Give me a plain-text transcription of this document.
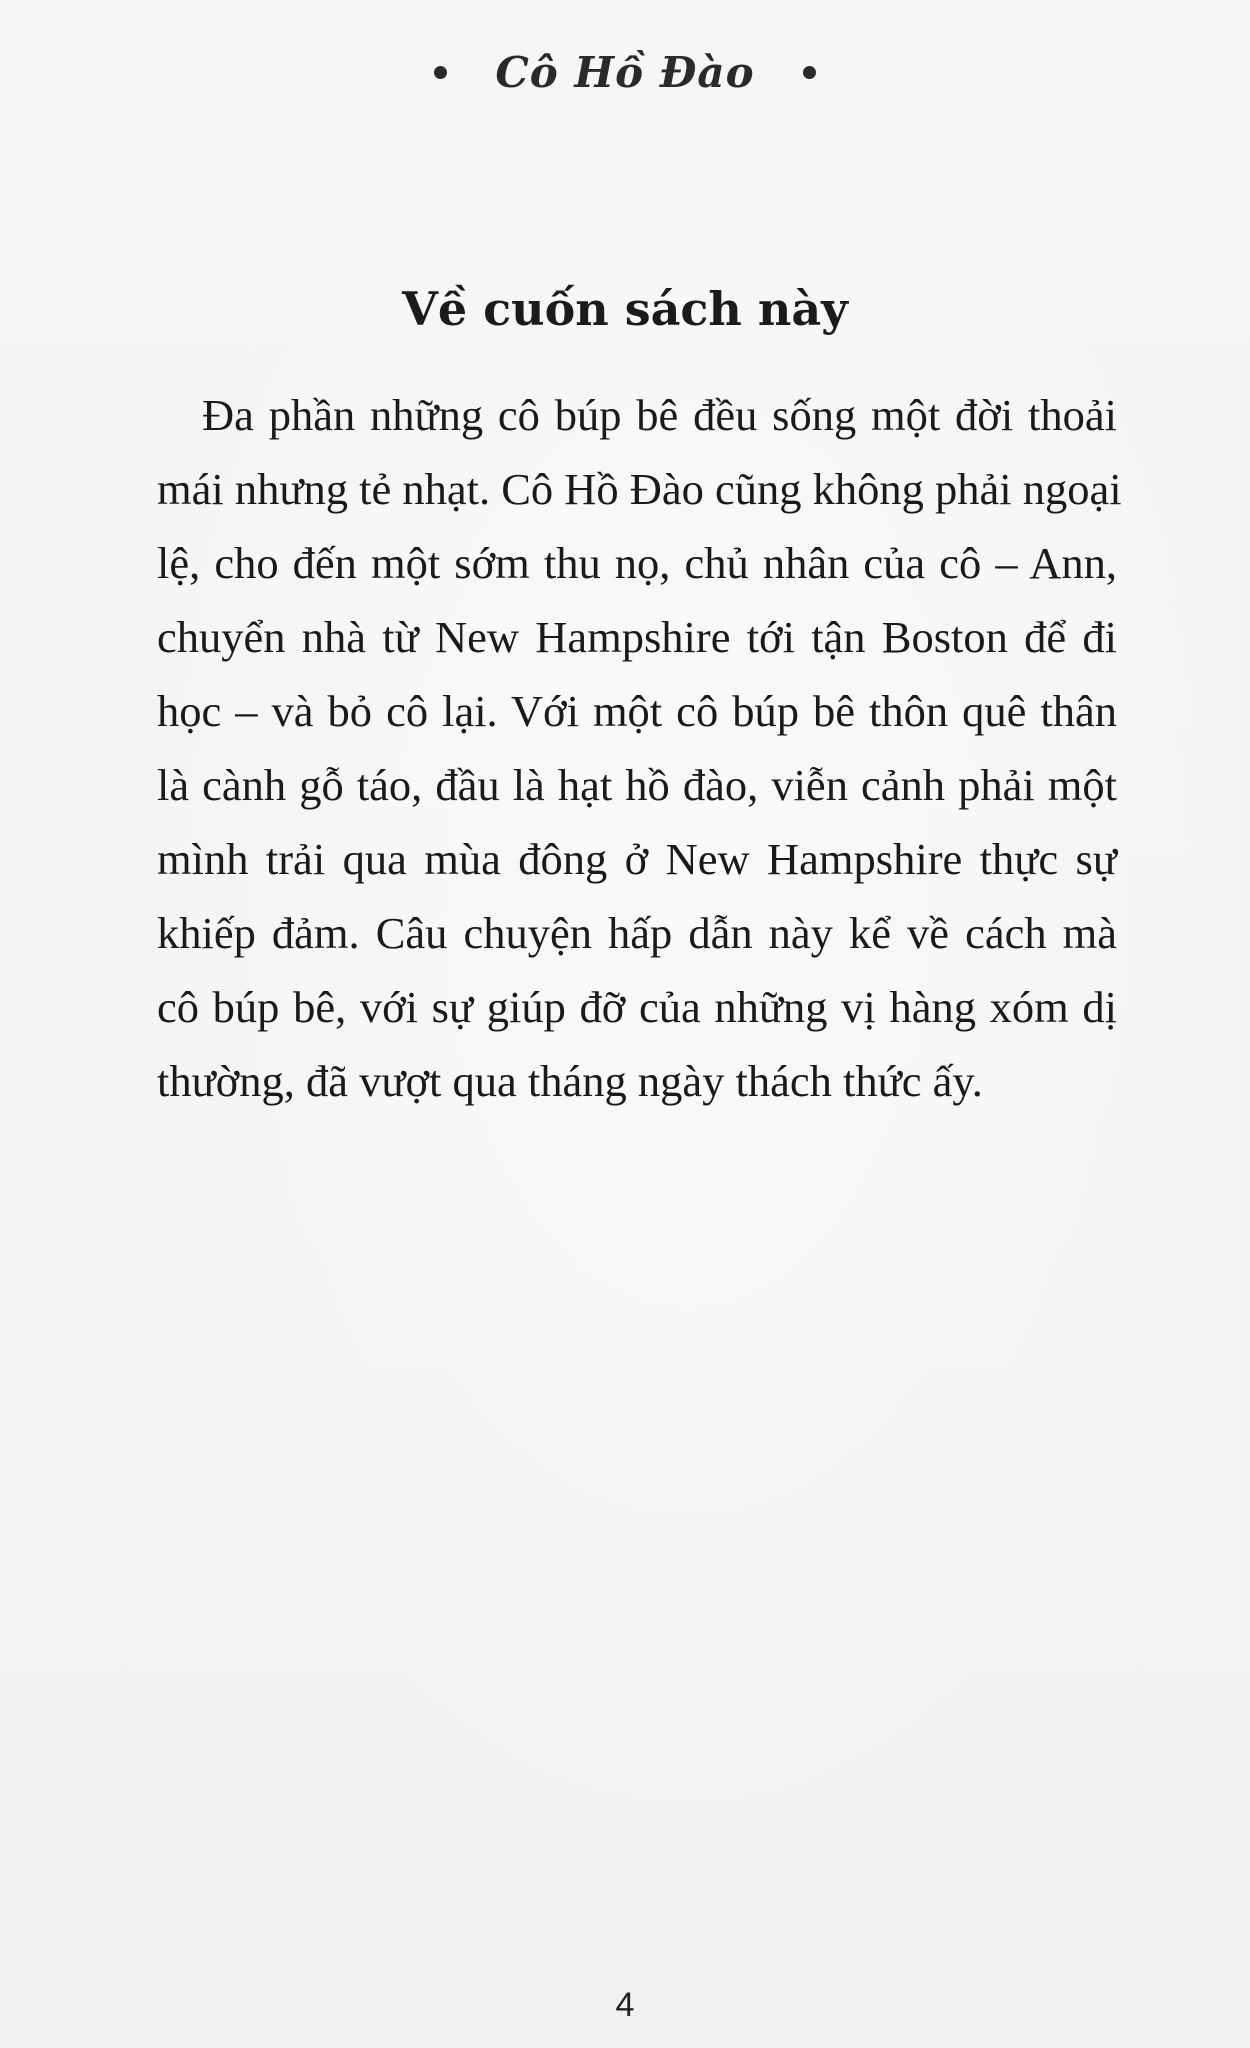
Cô Hồ Đào
Về cuốn sách này
Đa phần những cô búp bê đều sống một đời thoải
mái nhưng tẻ nhạt. Cô Hồ Đào cũng không phải ngoại
lệ, cho đến một sớm thu nọ, chủ nhân của cô – Ann,
chuyển nhà từ New Hampshire tới tận Boston để đi
học – và bỏ cô lại. Với một cô búp bê thôn quê thân
là cành gỗ táo, đầu là hạt hồ đào, viễn cảnh phải một
mình trải qua mùa đông ở New Hampshire thực sự
khiếp đảm. Câu chuyện hấp dẫn này kể về cách mà
cô búp bê, với sự giúp đỡ của những vị hàng xóm dị
thường, đã vượt qua tháng ngày thách thức ấy.
4
